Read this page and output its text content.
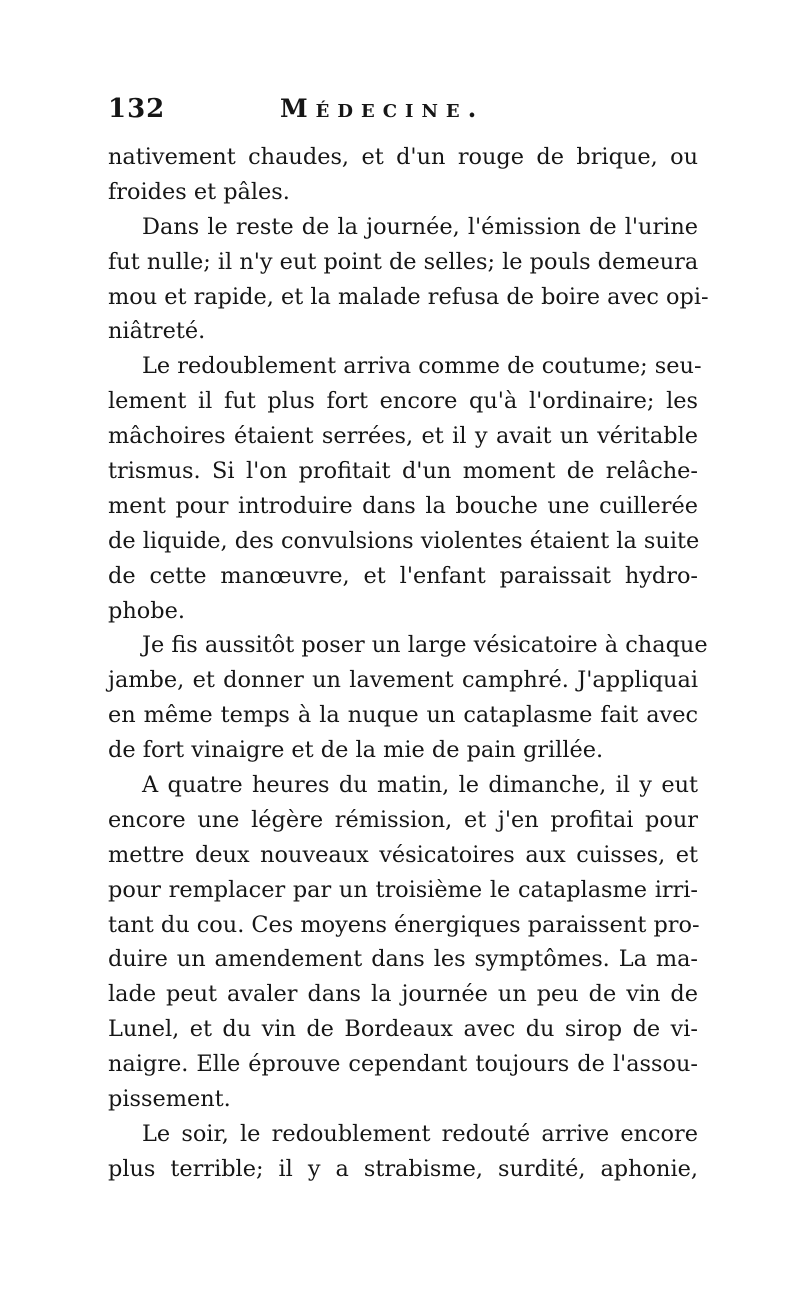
132	Médecine.
nativement chaudes, et d'un rouge de brique, ou
froides et pâles.
Dans le reste de la journée, l'émission de l'urine
fut nulle; il n'y eut point de selles; le pouls demeura
mou et rapide, et la malade refusa de boire avec opi-
niâtreté.
Le redoublement arriva comme de coutume; seu-
lement il fut plus fort encore qu'à l'ordinaire; les
mâchoires étaient serrées, et il y avait un véritable
trismus. Si l'on profitait d'un moment de relâche-
ment pour introduire dans la bouche une cuillerée
de liquide, des convulsions violentes étaient la suite
de cette manœuvre, et l'enfant paraissait hydro-
phobe.
Je fis aussitôt poser un large vésicatoire à chaque
jambe, et donner un lavement camphré. J'appliquai
en même temps à la nuque un cataplasme fait avec
de fort vinaigre et de la mie de pain grillée.
A quatre heures du matin, le dimanche, il y eut
encore une légère rémission, et j'en profitai pour
mettre deux nouveaux vésicatoires aux cuisses, et
pour remplacer par un troisième le cataplasme irri-
tant du cou. Ces moyens énergiques paraissent pro-
duire un amendement dans les symptômes. La ma-
lade peut avaler dans la journée un peu de vin de
Lunel, et du vin de Bordeaux avec du sirop de vi-
naigre. Elle éprouve cependant toujours de l'assou-
pissement.
Le soir, le redoublement redouté arrive encore
plus terrible; il y a strabisme, surdité, aphonie,
